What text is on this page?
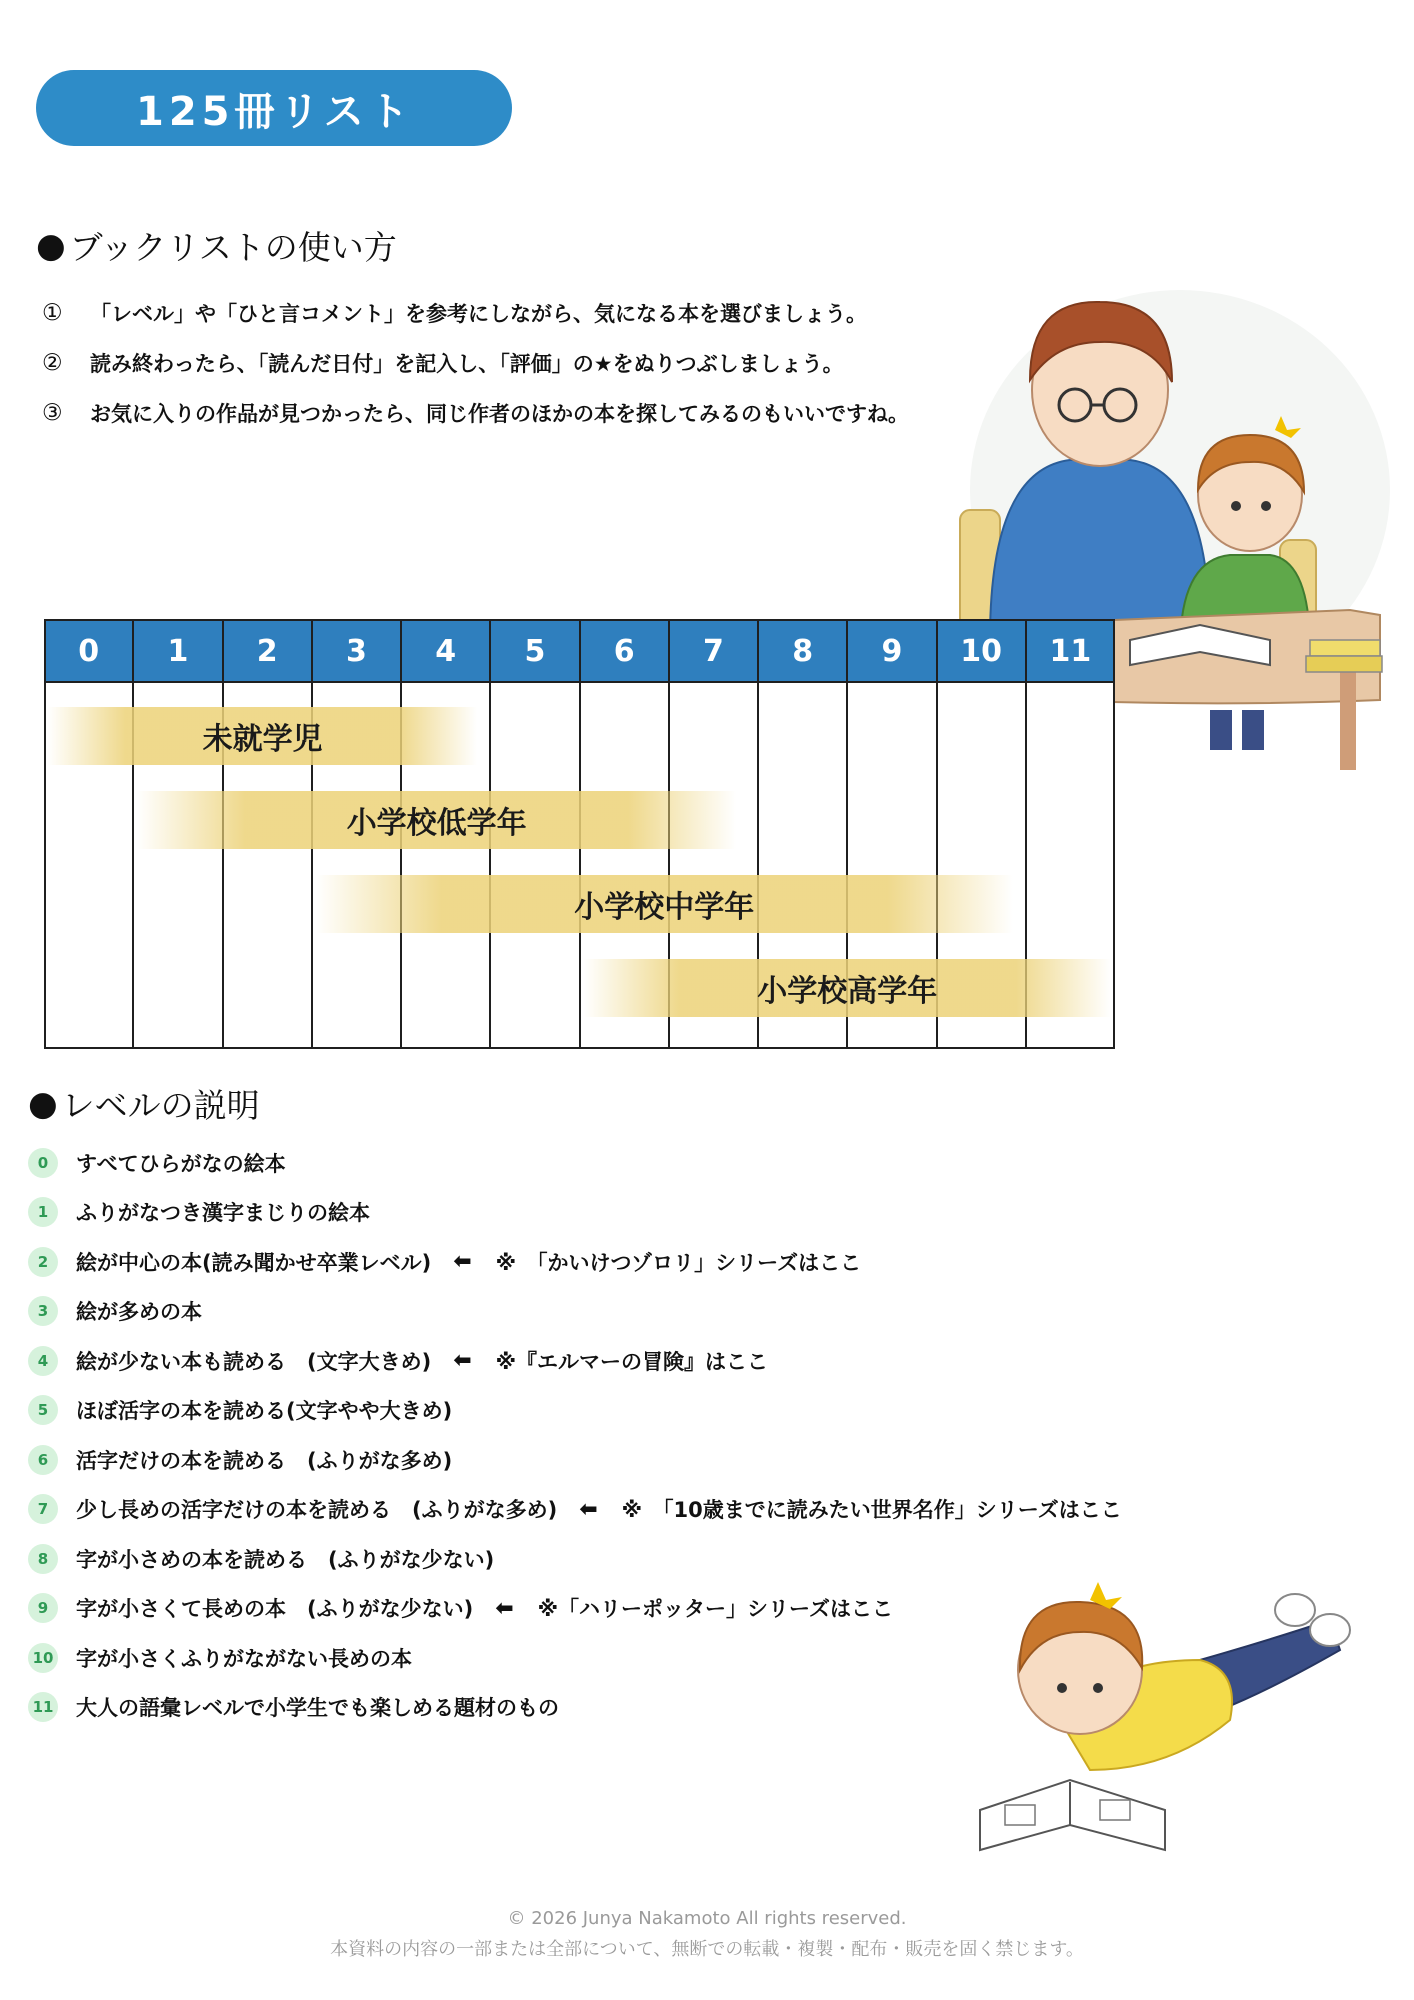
125冊リスト
● ブックリストの使い方
①	「レベル」や「ひと言コメント」を参考にしながら、気になる本を選びましょう。
②	読み終わったら、「読んだ日付」を記入し、「評価」の★をぬりつぶしましょう。
③	お気に入りの作品が見つかったら、同じ作者のほかの本を探してみるのもいいですね。
0	1	2	3	4	5	6	7	8	9	10	11
未就学児
小学校低学年
小学校中学年
小学校高学年
● レベルの説明
0	すべてひらがなの絵本
1	ふりがなつき漢字まじりの絵本
2	絵が中心の本(読み聞かせ卒業レベル) ⬅ ※　「かいけつゾロリ」シリーズはここ
3	絵が多めの本
4	絵が少ない本も読める　(文字大きめ) ⬅ ※『エルマーの冒険』はここ
5	ほぼ活字の本を読める(文字やや大きめ)
6	活字だけの本を読める　(ふりがな多め)
7	少し長めの活字だけの本を読める　(ふりがな多め) ⬅ ※　「10歳までに読みたい世界名作」シリーズはここ
8	字が小さめの本を読める　(ふりがな少ない)
9	字が小さくて長めの本　(ふりがな少ない) ⬅ ※「ハリーポッター」シリーズはここ
10 字が小さくふりがながない長めの本
11 大人の語彙レベルで小学生でも楽しめる題材のもの
© 2026 Junya Nakamoto All rights reserved.
本資料の内容の一部または全部について、無断での転載・複製・配布・販売を固く禁じます。
